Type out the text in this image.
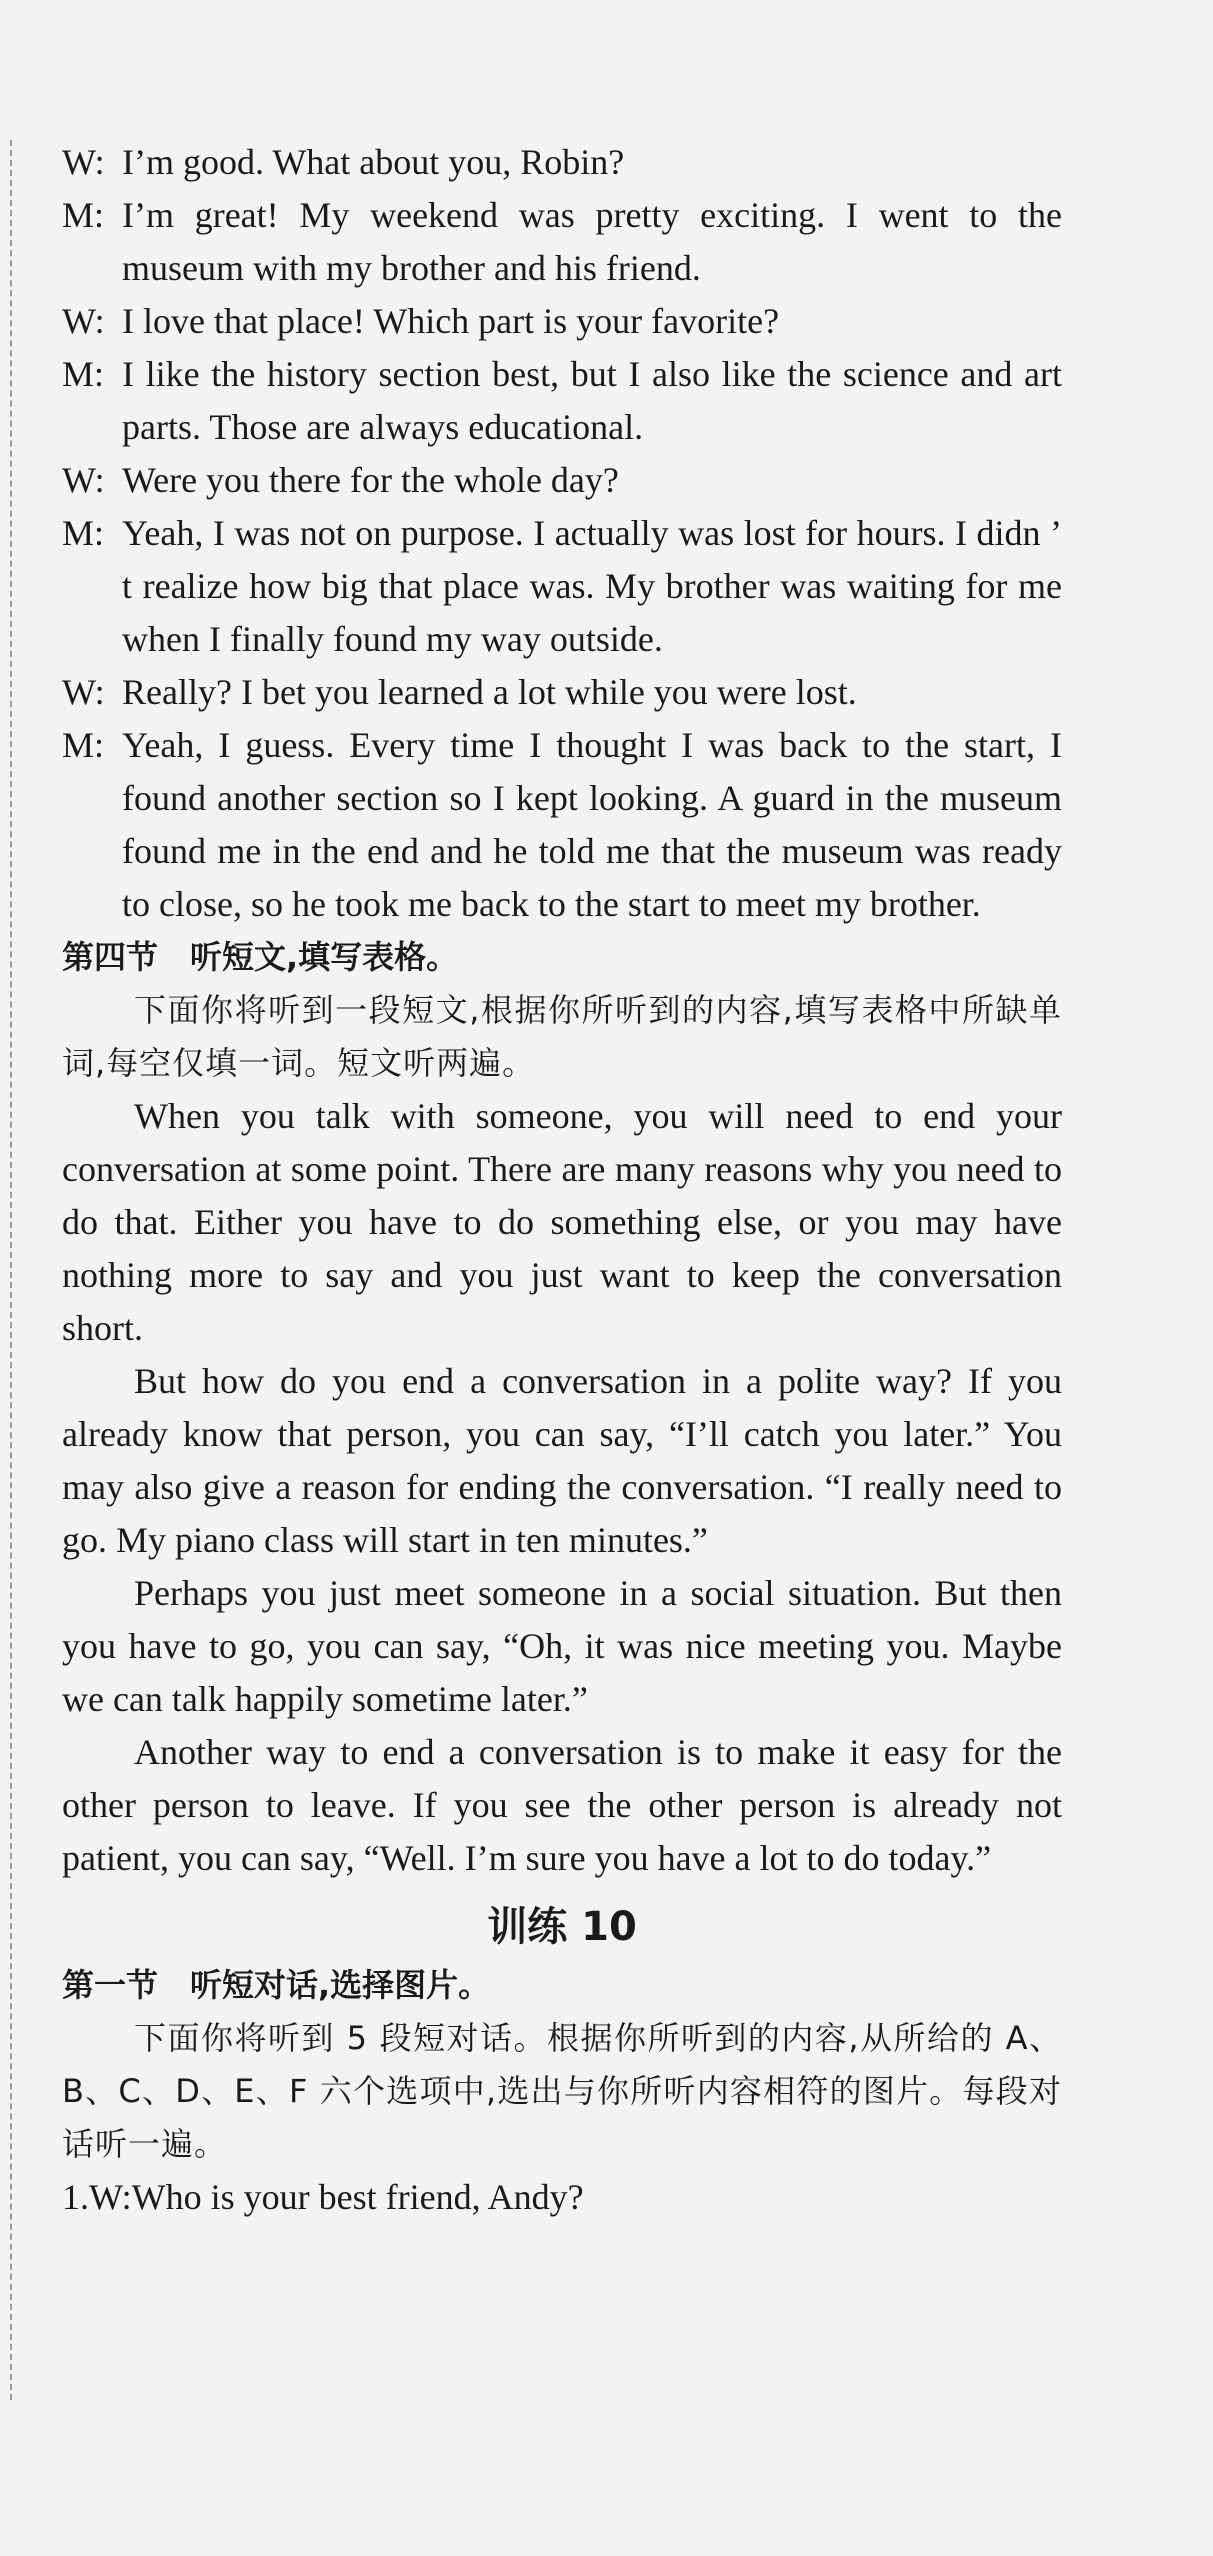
W: I’m good. What about you, Robin?
M: I’m great! My weekend was pretty exciting. I went to the museum with my brother and his friend.
W: I love that place! Which part is your favorite?
M: I like the history section best, but I also like the science and art parts. Those are always educational.
W: Were you there for the whole day?
M: Yeah, I was not on purpose. I actually was lost for hours. I didn ’ t realize how big that place was. My brother was waiting for me when I finally found my way outside.
W: Really? I bet you learned a lot while you were lost.
M: Yeah, I guess. Every time I thought I was back to the start, I found another section so I kept looking. A guard in the museum found me in the end and he told me that the museum was ready to close, so he took me back to the start to meet my brother.

第四节　听短文,填写表格。

下面你将听到一段短文,根据你所听到的内容,填写表格中所缺单词,每空仅填一词。短文听两遍。

When you talk with someone, you will need to end your conversation at some point. There are many reasons why you need to do that. Either you have to do something else, or you may have nothing more to say and you just want to keep the conversation short.

But how do you end a conversation in a polite way? If you already know that person, you can say, “I’ll catch you later.” You may also give a reason for ending the conversation. “I really need to go. My piano class will start in ten minutes.”

Perhaps you just meet someone in a social situation. But then you have to go, you can say, “Oh, it was nice meeting you. Maybe we can talk happily sometime later.”

Another way to end a conversation is to make it easy for the other person to leave. If you see the other person is already not patient, you can say, “Well. I’m sure you have a lot to do today.”

训练 10

第一节　听短对话,选择图片。

下面你将听到 5 段短对话。根据你所听到的内容,从所给的 A、B、C、D、E、F 六个选项中,选出与你所听内容相符的图片。每段对话听一遍。

1. W: Who is your best friend, Andy?
